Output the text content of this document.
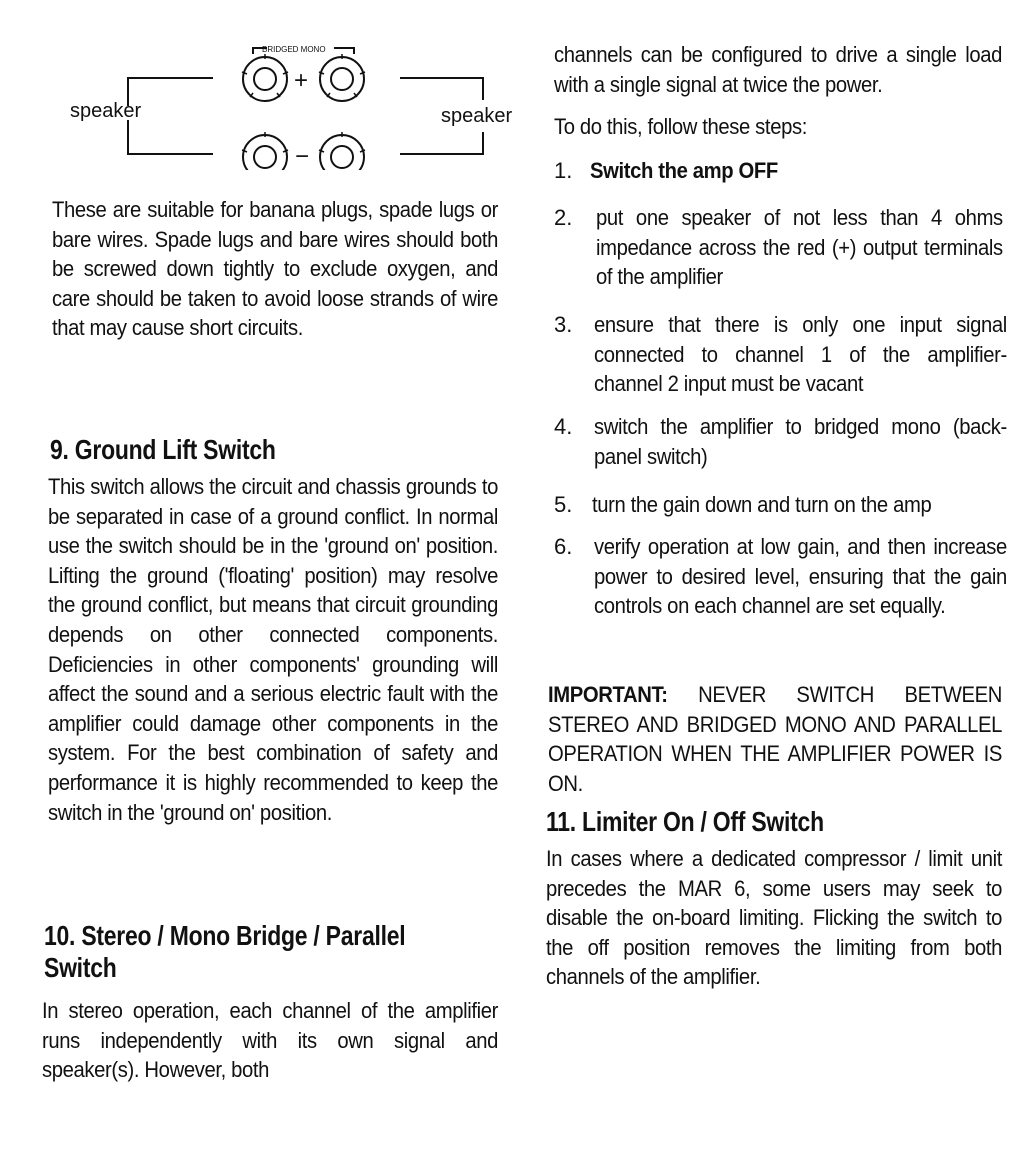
BRIDGED MONO
+
−
speaker	speaker

These are suitable for banana plugs, spade lugs or bare wires. Spade lugs and bare wires should both be screwed down tightly to exclude oxygen, and care should be taken to avoid loose strands of wire that may cause short circuits.

9. Ground Lift Switch

This switch allows the circuit and chassis grounds to be separated in case of a ground conflict. In normal use the switch should be in the 'ground on' position. Lifting the ground ('floating' position) may resolve the ground conflict, but means that circuit grounding depends on other connected components. Deficiencies in other components' grounding will affect the sound and a serious electric fault with the amplifier could damage other components in the system. For the best combination of safety and performance it is highly recommended to keep the switch in the 'ground on' position.

10. Stereo / Mono Bridge / Parallel
Switch

In stereo operation, each channel of the amplifier runs independently with its own signal and speaker(s). However, both

channels can be configured to drive a single load with a single signal at twice the power.

To do this, follow these steps:

1. Switch the amp OFF

2. put one speaker of not less than 4 ohms impedance across the red (+) output terminals of the amplifier

3. ensure that there is only one input signal connected to channel 1 of the amplifier- channel 2 input must be vacant

4. switch the amplifier to bridged mono (back-panel switch)

5. turn the gain down and turn on the amp

6. verify operation at low gain, and then increase power to desired level, ensuring that the gain controls on each channel are set equally.

IMPORTANT: NEVER SWITCH BETWEEN STEREO AND BRIDGED MONO AND PARALLEL OPERATION WHEN THE AMPLIFIER POWER IS ON.

11. Limiter On / Off Switch

In cases where a dedicated compressor / limit unit precedes the MAR 6, some users may seek to disable the on-board limiting. Flicking the switch to the off position removes the limiting from both channels of the amplifier.
